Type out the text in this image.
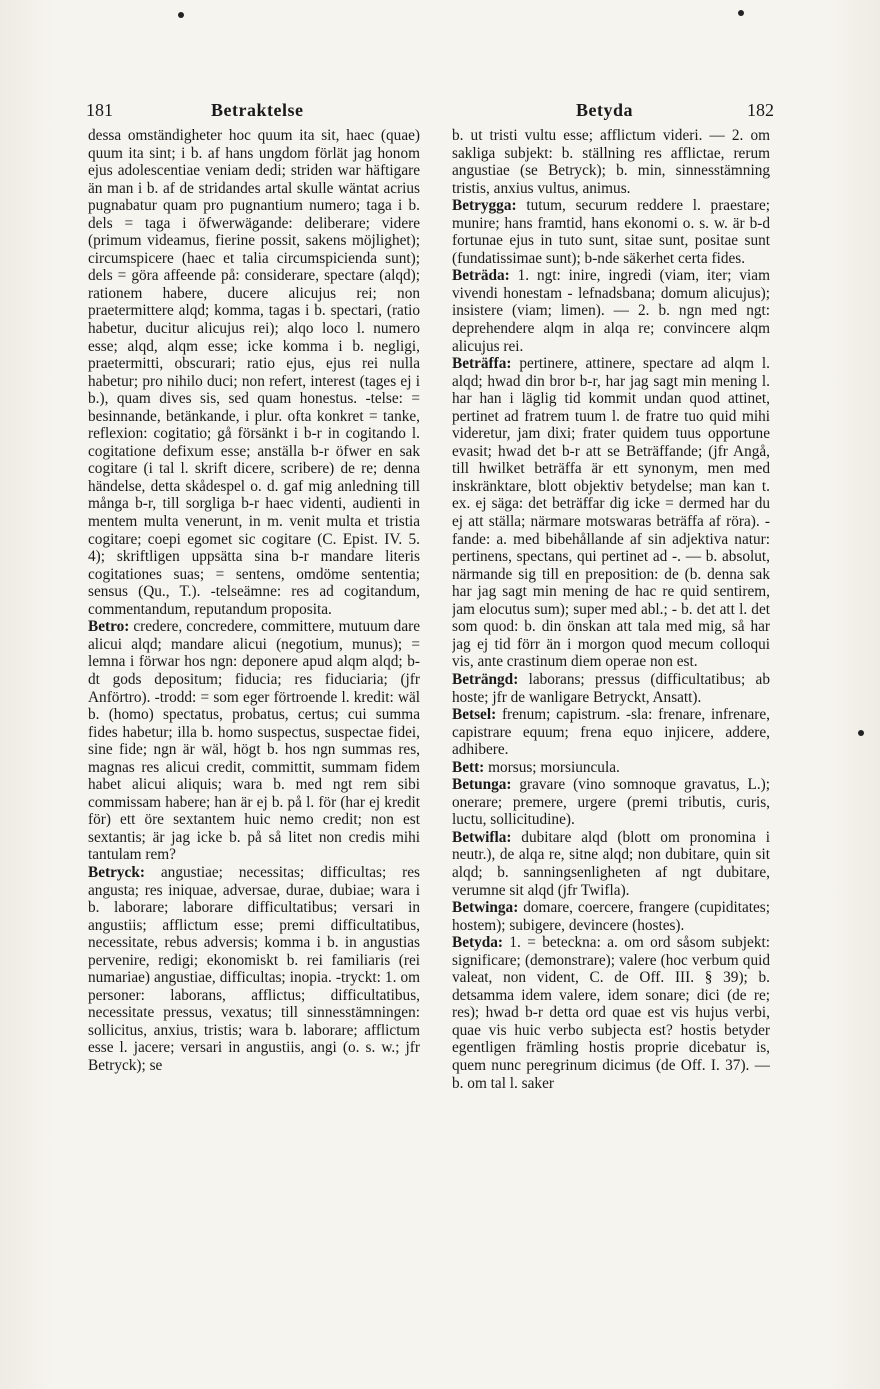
181	Betraktelse	Betyda	182

dessa omständigheter hoc quum ita sit, haec (quae) quum ita sint; i b. af hans ungdom förlät jag honom ejus adolescentiae veniam dedi; striden war häftigare än man i b. af de stridandes artal skulle wäntat acrius pugnabatur quam pro pugnantium numero; taga i b. dels = taga i öfwerwägande: deliberare; videre (primum videamus, fierine possit, sakens möjlighet); circumspicere (haec et talia circumspicienda sunt); dels = göra affeende på: considerare, spectare (alqd); rationem habere, ducere alicujus rei; non praetermittere alqd; komma, tagas i b. spectari, (ratio habetur, ducitur alicujus rei); alqo loco l. numero esse; alqd, alqm esse; icke komma i b. negligi, praetermitti, obscurari; ratio ejus, ejus rei nulla habetur; pro nihilo duci; non refert, interest (tages ej i b.), quam dives sis, sed quam honestus. -telse: = besinnande, betänkande, i plur. ofta konkret = tanke, reflexion: cogitatio; gå försänkt i b-r in cogitando l. cogitatione defixum esse; anställa b-r öfwer en sak cogitare (i tal l. skrift dicere, scribere) de re; denna händelse, detta skådespel o. d. gaf mig anledning till många b-r, till sorgliga b-r haec videnti, audienti in mentem multa venerunt, in m. venit multa et tristia cogitare; coepi egomet sic cogitare (C. Epist. IV. 5. 4); skriftligen uppsätta sina b-r mandare literis cogitationes suas; = sentens, omdöme sententia; sensus (Qu., T.). -telseämne: res ad cogitandum, commentandum, reputandum proposita.

Betro: credere, concredere, committere, mutuum dare alicui alqd; mandare alicui (negotium, munus); = lemna i förwar hos ngn: deponere apud alqm alqd; b-dt gods depositum; fiducia; res fiduciaria; (jfr Anförtro). -trodd: = som eger förtroende l. kredit: wäl b. (homo) spectatus, probatus, certus; cui summa fides habetur; illa b. homo suspectus, suspectae fidei, sine fide; ngn är wäl, högt b. hos ngn summas res, magnas res alicui credit, committit, summam fidem habet alicui aliquis; wara b. med ngt rem sibi commissam habere; han är ej b. på l. för (har ej kredit för) ett öre sextantem huic nemo credit; non est sextantis; är jag icke b. på så litet non credis mihi tantulam rem?

Betryck: angustiae; necessitas; difficultas; res angusta; res iniquae, adversae, durae, dubiae; wara i b. laborare; laborare difficultatibus; versari in angustiis; afflictum esse; premi difficultatibus, necessitate, rebus adversis; komma i b. in angustias pervenire, redigi; ekonomiskt b. rei familiaris (rei numariae) angustiae, difficultas; inopia. -tryckt: 1. om personer: laborans, afflictus; difficultatibus, necessitate pressus, vexatus; till sinnesstämningen: sollicitus, anxius, tristis; wara b. laborare; afflictum esse l. jacere; versari in angustiis, angi (o. s. w.; jfr Betryck); se

b. ut tristi vultu esse; afflictum videri. — 2. om sakliga subjekt: b. ställning res afflictae, rerum angustiae (se Betryck); b. min, sinnesstämning tristis, anxius vultus, animus.

Betrygga: tutum, securum reddere l. praestare; munire; hans framtid, hans ekonomi o. s. w. är b-d fortunae ejus in tuto sunt, sitae sunt, positae sunt (fundatissimae sunt); b-nde säkerhet certa fides.

Beträda: 1. ngt: inire, ingredi (viam, iter; viam vivendi honestam - lefnadsbana; domum alicujus); insistere (viam; limen). — 2. b. ngn med ngt: deprehendere alqm in alqa re; convincere alqm alicujus rei.

Beträffa: pertinere, attinere, spectare ad alqm l. alqd; hwad din bror b-r, har jag sagt min mening l. har han i läglig tid kommit undan quod attinet, pertinet ad fratrem tuum l. de fratre tuo quid mihi videretur, jam dixi; frater quidem tuus opportune evasit; hwad det b-r att se Beträffande; (jfr Angå, till hwilket beträffa är ett synonym, men med inskränktare, blott objektiv betydelse; man kan t. ex. ej säga: det beträffar dig icke = dermed har du ej att ställa; närmare motswaras beträffa af röra). -fande: a. med bibehållande af sin adjektiva natur: pertinens, spectans, qui pertinet ad -. — b. absolut, närmande sig till en preposition: de (b. denna sak har jag sagt min mening de hac re quid sentirem, jam elocutus sum); super med abl.; - b. det att l. det som quod: b. din önskan att tala med mig, så har jag ej tid förr än i morgon quod mecum colloqui vis, ante crastinum diem operae non est.

Beträngd: laborans; pressus (difficultatibus; ab hoste; jfr de wanligare Betryckt, Ansatt).

Betsel: frenum; capistrum. -sla: frenare, infrenare, capistrare equum; frena equo injicere, addere, adhibere.

Bett: morsus; morsiuncula.

Betunga: gravare (vino somnoque gravatus, L.); onerare; premere, urgere (premi tributis, curis, luctu, sollicitudine).

Betwifla: dubitare alqd (blott om pronomina i neutr.), de alqa re, sitne alqd; non dubitare, quin sit alqd; b. sanningsenligheten af ngt dubitare, verumne sit alqd (jfr Twifla).

Betwinga: domare, coercere, frangere (cupiditates; hostem); subigere, devincere (hostes).

Betyda: 1. = beteckna: a. om ord såsom subjekt: significare; (demonstrare); valere (hoc verbum quid valeat, non vident, C. de Off. III. § 39); b. detsamma idem valere, idem sonare; dici (de re; res); hwad b-r detta ord quae est vis hujus verbi, quae vis huic verbo subjecta est? hostis betyder egentligen främling hostis proprie dicebatur is, quem nunc peregrinum dicimus (de Off. I. 37). — b. om tal l. saker
